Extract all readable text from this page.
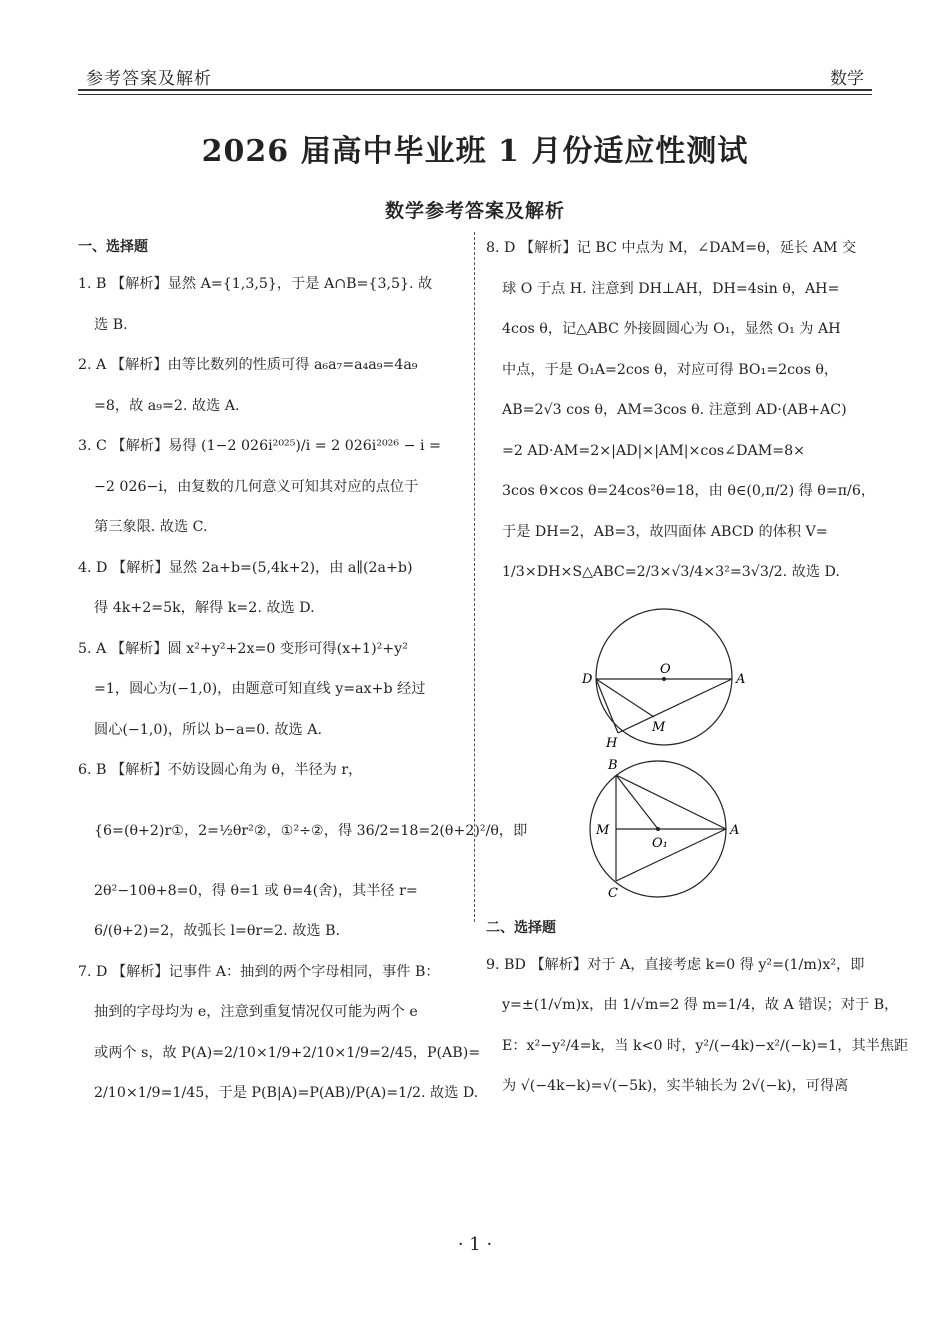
参考答案及解析	数学
2026 届高中毕业班 1 月份适应性测试
数学参考答案及解析
一、选择题
1. B 【解析】显然 A={1,3,5}，于是 A∩B={3,5}. 故
选 B.
2. A 【解析】由等比数列的性质可得 a₆a₇=a₄a₉=4a₉
=8，故 a₉=2. 故选 A.
3. C 【解析】易得 (1−2 026i²⁰²⁵)/i = 2 026i²⁰²⁶ − i =
−2 026−i，由复数的几何意义可知其对应的点位于
第三象限. 故选 C.
4. D 【解析】显然 2a+b=(5,4k+2)，由 a∥(2a+b)
得 4k+2=5k，解得 k=2. 故选 D.
5. A 【解析】圆 x²+y²+2x=0 变形可得(x+1)²+y²
=1，圆心为(−1,0)，由题意可知直线 y=ax+b 经过
圆心(−1,0)，所以 b−a=0. 故选 A.
6. B 【解析】不妨设圆心角为 θ，半径为 r，
{6=(θ+2)r①，2=½θr²②，①²÷②，得 36/2=18=2(θ+2)²/θ，即
2θ²−10θ+8=0，得 θ=1 或 θ=4(舍)，其半径 r=
6/(θ+2)=2，故弧长 l=θr=2. 故选 B.
7. D 【解析】记事件 A：抽到的两个字母相同，事件 B：
抽到的字母均为 e，注意到重复情况仅可能为两个 e
或两个 s，故 P(A)=2/10×1/9+2/10×1/9=2/45，P(AB)=
2/10×1/9=1/45，于是 P(B|A)=P(AB)/P(A)=1/2. 故选 D.
8. D 【解析】记 BC 中点为 M，∠DAM=θ，延长 AM 交
球 O 于点 H. 注意到 DH⊥AH，DH=4sin θ，AH=
4cos θ，记△ABC 外接圆圆心为 O₁，显然 O₁ 为 AH
中点，于是 O₁A=2cos θ，对应可得 BO₁=2cos θ，
AB=2√3 cos θ，AM=3cos θ. 注意到 AD·(AB+AC)
=2 AD·AM=2×|AD|×|AM|×cos∠DAM=8×
3cos θ×cos θ=24cos²θ=18，由 θ∈(0,π/2) 得 θ=π/6，
于是 DH=2，AB=3，故四面体 ABCD 的体积 V=
1/3×DH×S△ABC=2/3×√3/4×3²=3√3/2. 故选 D.
O
D	A
H
M
B
M
O₁
A
C
二、选择题
9. BD 【解析】对于 A，直接考虑 k=0 得 y²=(1/m)x²，即
y=±(1/√m)x，由 1/√m=2 得 m=1/4，故 A 错误；对于 B，
E：x²−y²/4=k，当 k<0 时，y²/(−4k)−x²/(−k)=1，其半焦距
为 √(−4k−k)=√(−5k)，实半轴长为 2√(−k)，可得离
· 1 ·
